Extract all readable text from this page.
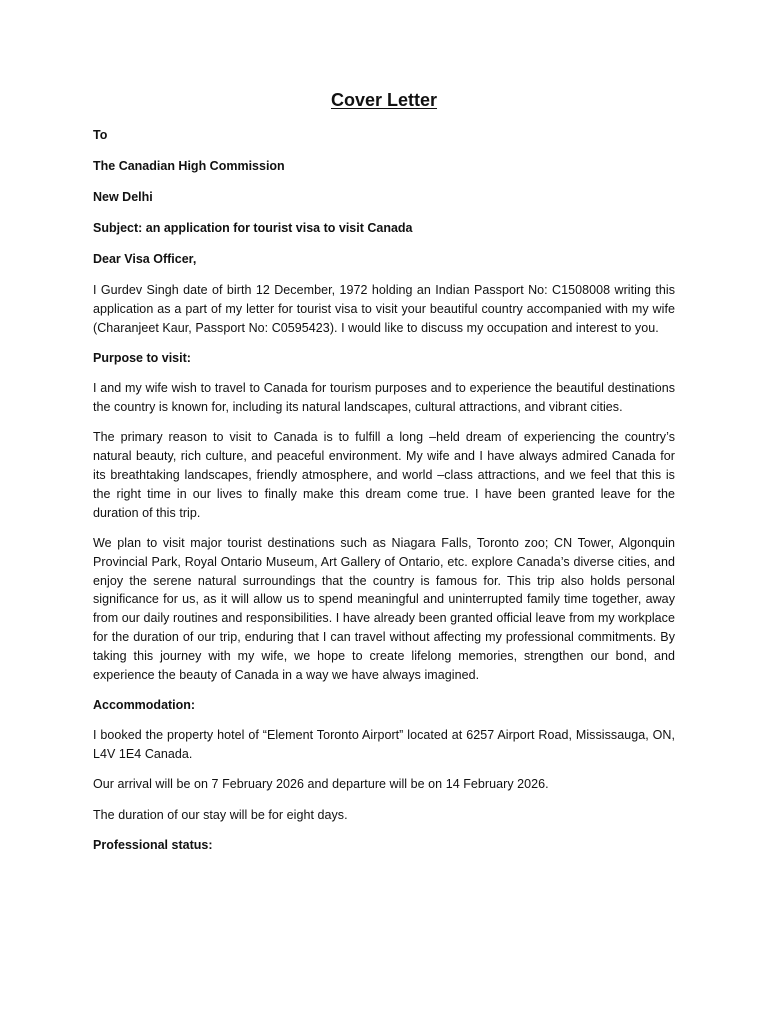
Cover Letter
To
The Canadian High Commission
New Delhi
Subject: an application for tourist visa to visit Canada
Dear Visa Officer,

I Gurdev Singh date of birth 12 December, 1972 holding an Indian Passport No: C1508008 writing this application as a part of my letter for tourist visa to visit your beautiful country accompanied with my wife (Charanjeet Kaur, Passport No: C0595423). I would like to discuss my occupation and interest to you.

Purpose to visit:

I and my wife wish to travel to Canada for tourism purposes and to experience the beautiful destinations the country is known for, including its natural landscapes, cultural attractions, and vibrant cities.

The primary reason to visit to Canada is to fulfill a long –held dream of experiencing the country’s natural beauty, rich culture, and peaceful environment. My wife and I have always admired Canada for its breathtaking landscapes, friendly atmosphere, and world –class attractions, and we feel that this is the right time in our lives to finally make this dream come true. I have been granted leave for the duration of this trip.

We plan to visit major tourist destinations such as Niagara Falls, Toronto zoo; CN Tower, Algonquin Provincial Park, Royal Ontario Museum, Art Gallery of Ontario, etc. explore Canada’s diverse cities, and enjoy the serene natural surroundings that the country is famous for. This trip also holds personal significance for us, as it will allow us to spend meaningful and uninterrupted family time together, away from our daily routines and responsibilities. I have already been granted official leave from my workplace for the duration of our trip, enduring that I can travel without affecting my professional commitments. By taking this journey with my wife, we hope to create lifelong memories, strengthen our bond, and experience the beauty of Canada in a way we have always imagined.

Accommodation:

I booked the property hotel of “Element Toronto Airport” located at 6257 Airport Road, Mississauga, ON, L4V 1E4 Canada.

Our arrival will be on 7 February 2026 and departure will be on 14 February 2026.

The duration of our stay will be for eight days.

Professional status:
